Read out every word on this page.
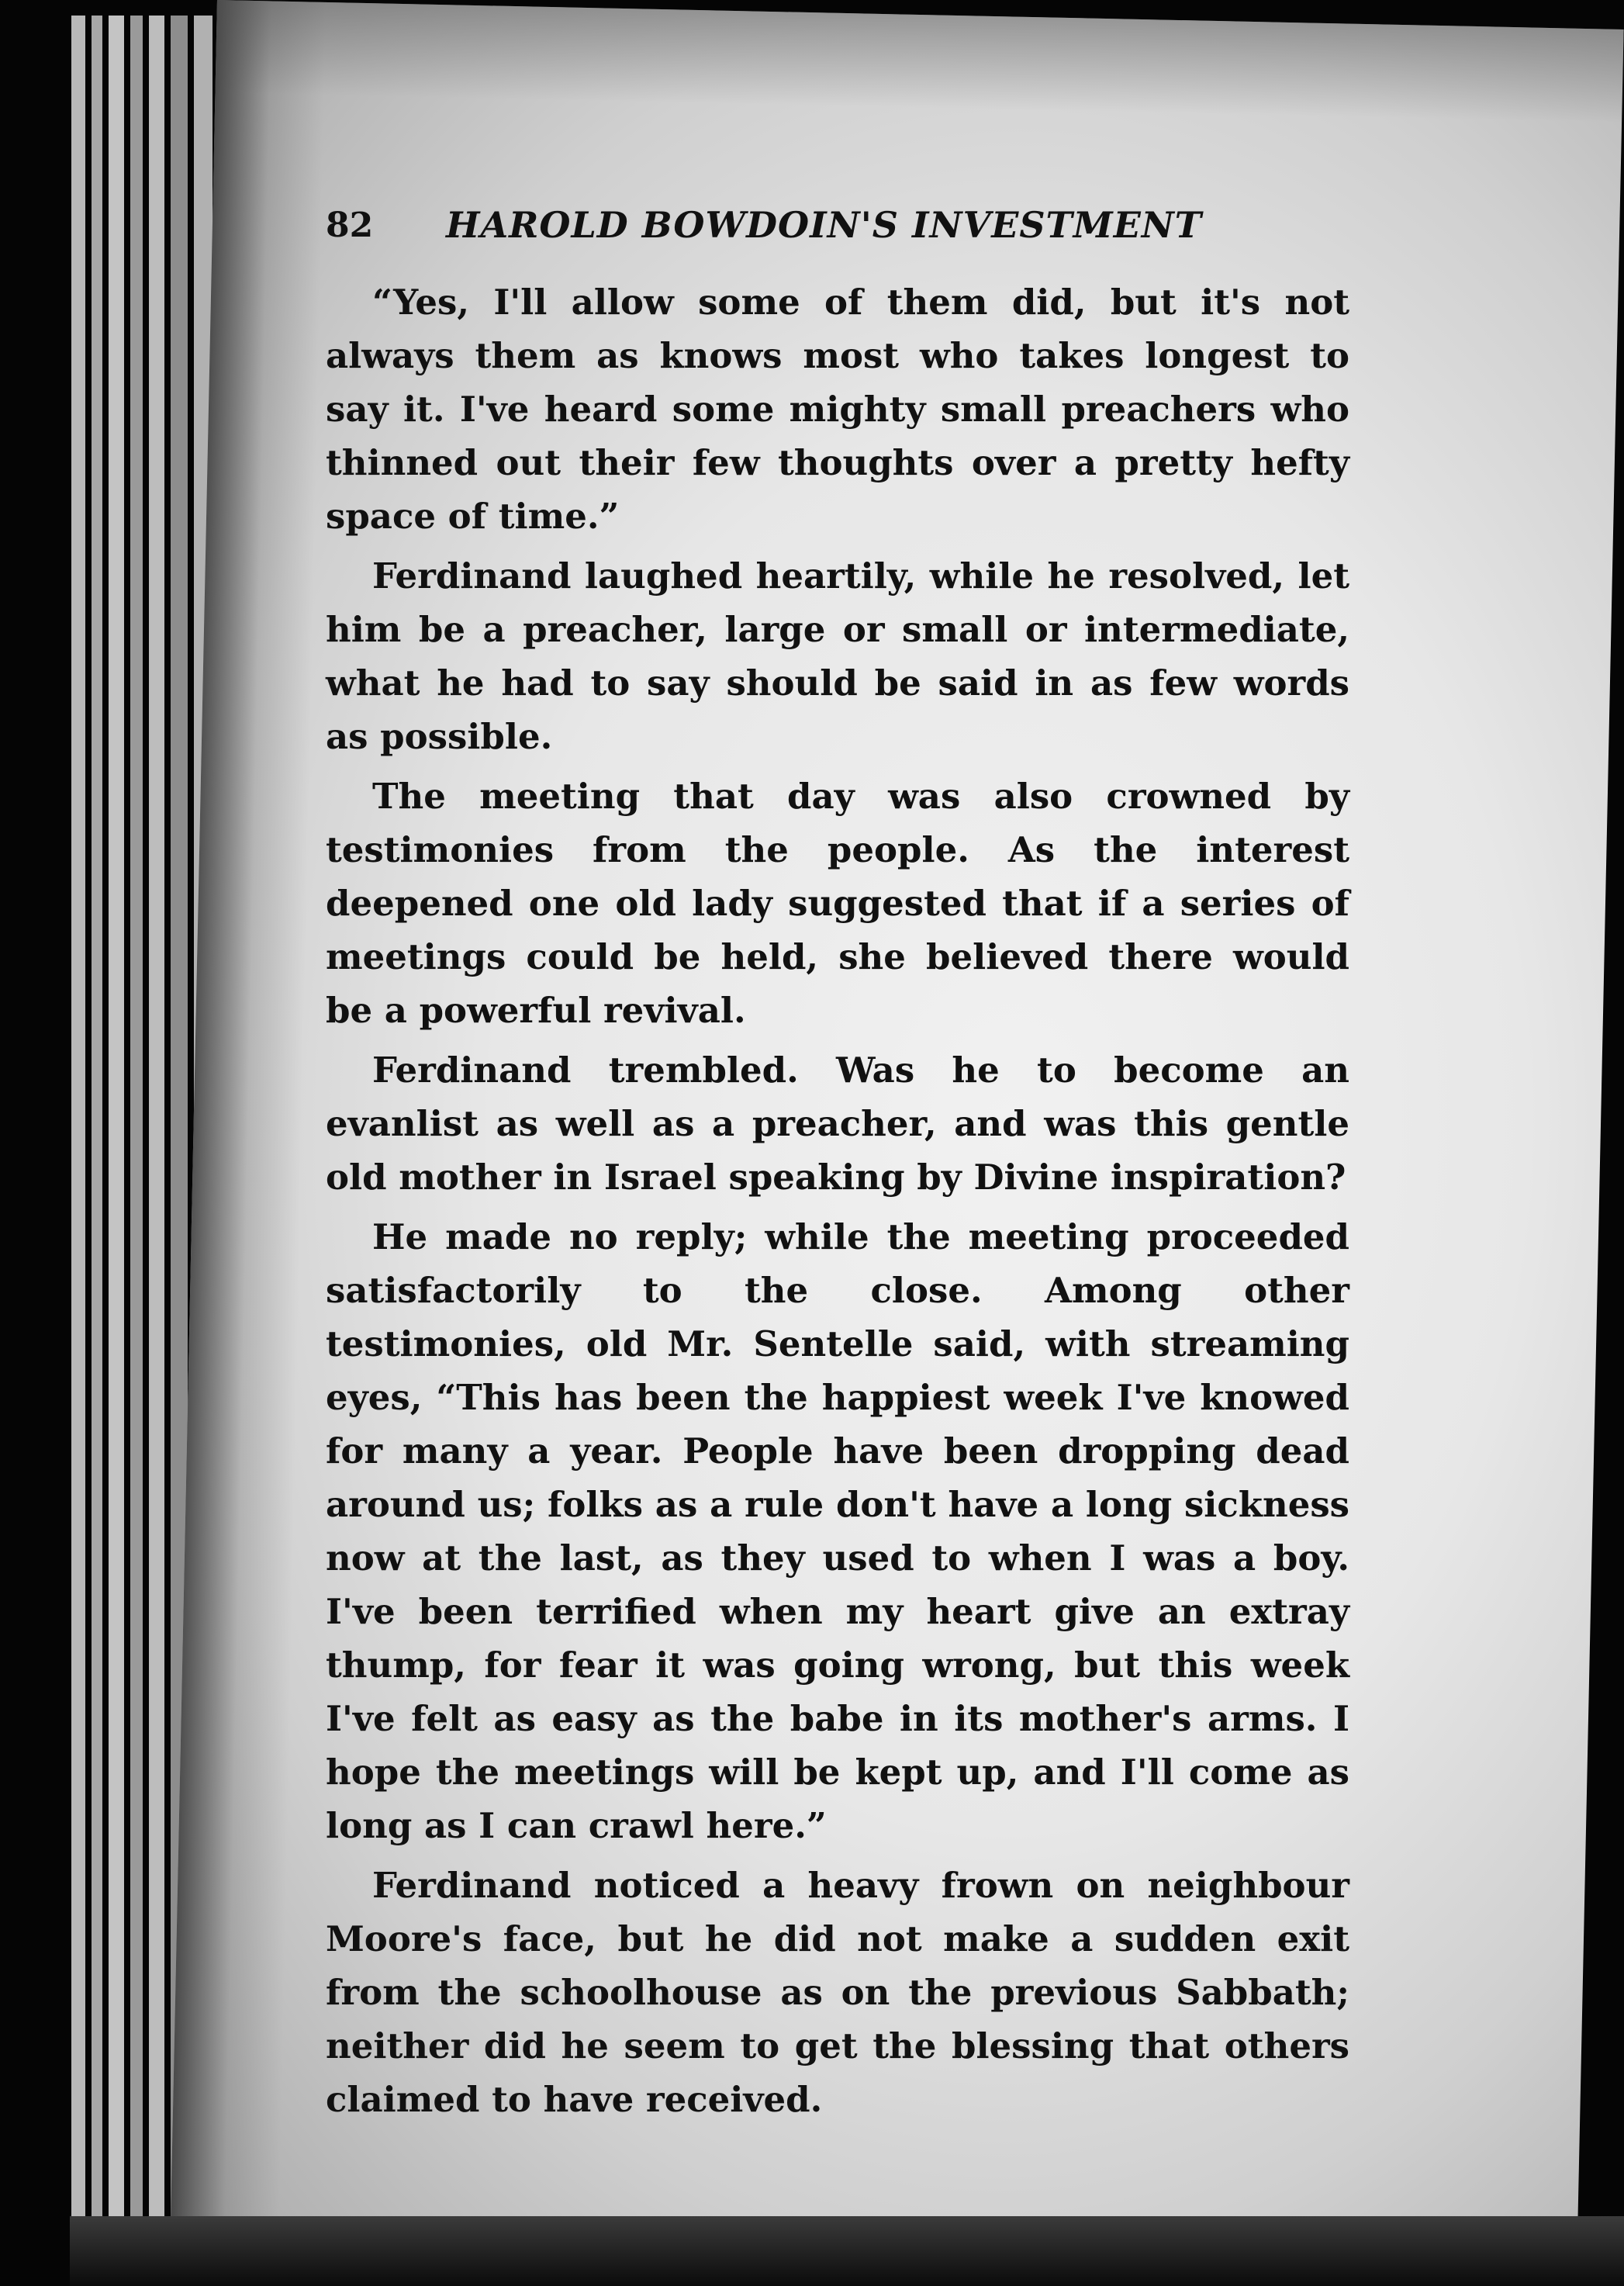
82 HAROLD BOWDOIN'S INVESTMENT

“Yes, I'll allow some of them did, but it's not always them as knows most who takes longest to say it. I've heard some mighty small preachers who thinned out their few thoughts over a pretty hefty space of time.”

Ferdinand laughed heartily, while he resolved, let him be a preacher, large or small or intermediate, what he had to say should be said in as few words as possible.

The meeting that day was also crowned by testimonies from the people. As the interest deepened one old lady suggested that if a series of meetings could be held, she believed there would be a powerful revival.

Ferdinand trembled. Was he to become an evanlist as well as a preacher, and was this gentle old mother in Israel speaking by Divine inspiration?

He made no reply; while the meeting proceeded satisfactorily to the close. Among other testimonies, old Mr. Sentelle said, with streaming eyes, “This has been the happiest week I've knowed for many a year. People have been dropping dead around us; folks as a rule don't have a long sickness now at the last, as they used to when I was a boy. I've been terrified when my heart give an extray thump, for fear it was going wrong, but this week I've felt as easy as the babe in its mother's arms. I hope the meetings will be kept up, and I'll come as long as I can crawl here.”

Ferdinand noticed a heavy frown on neighbour Moore's face, but he did not make a sudden exit from the schoolhouse as on the previous Sabbath; neither did he seem to get the blessing that others claimed to have received.
